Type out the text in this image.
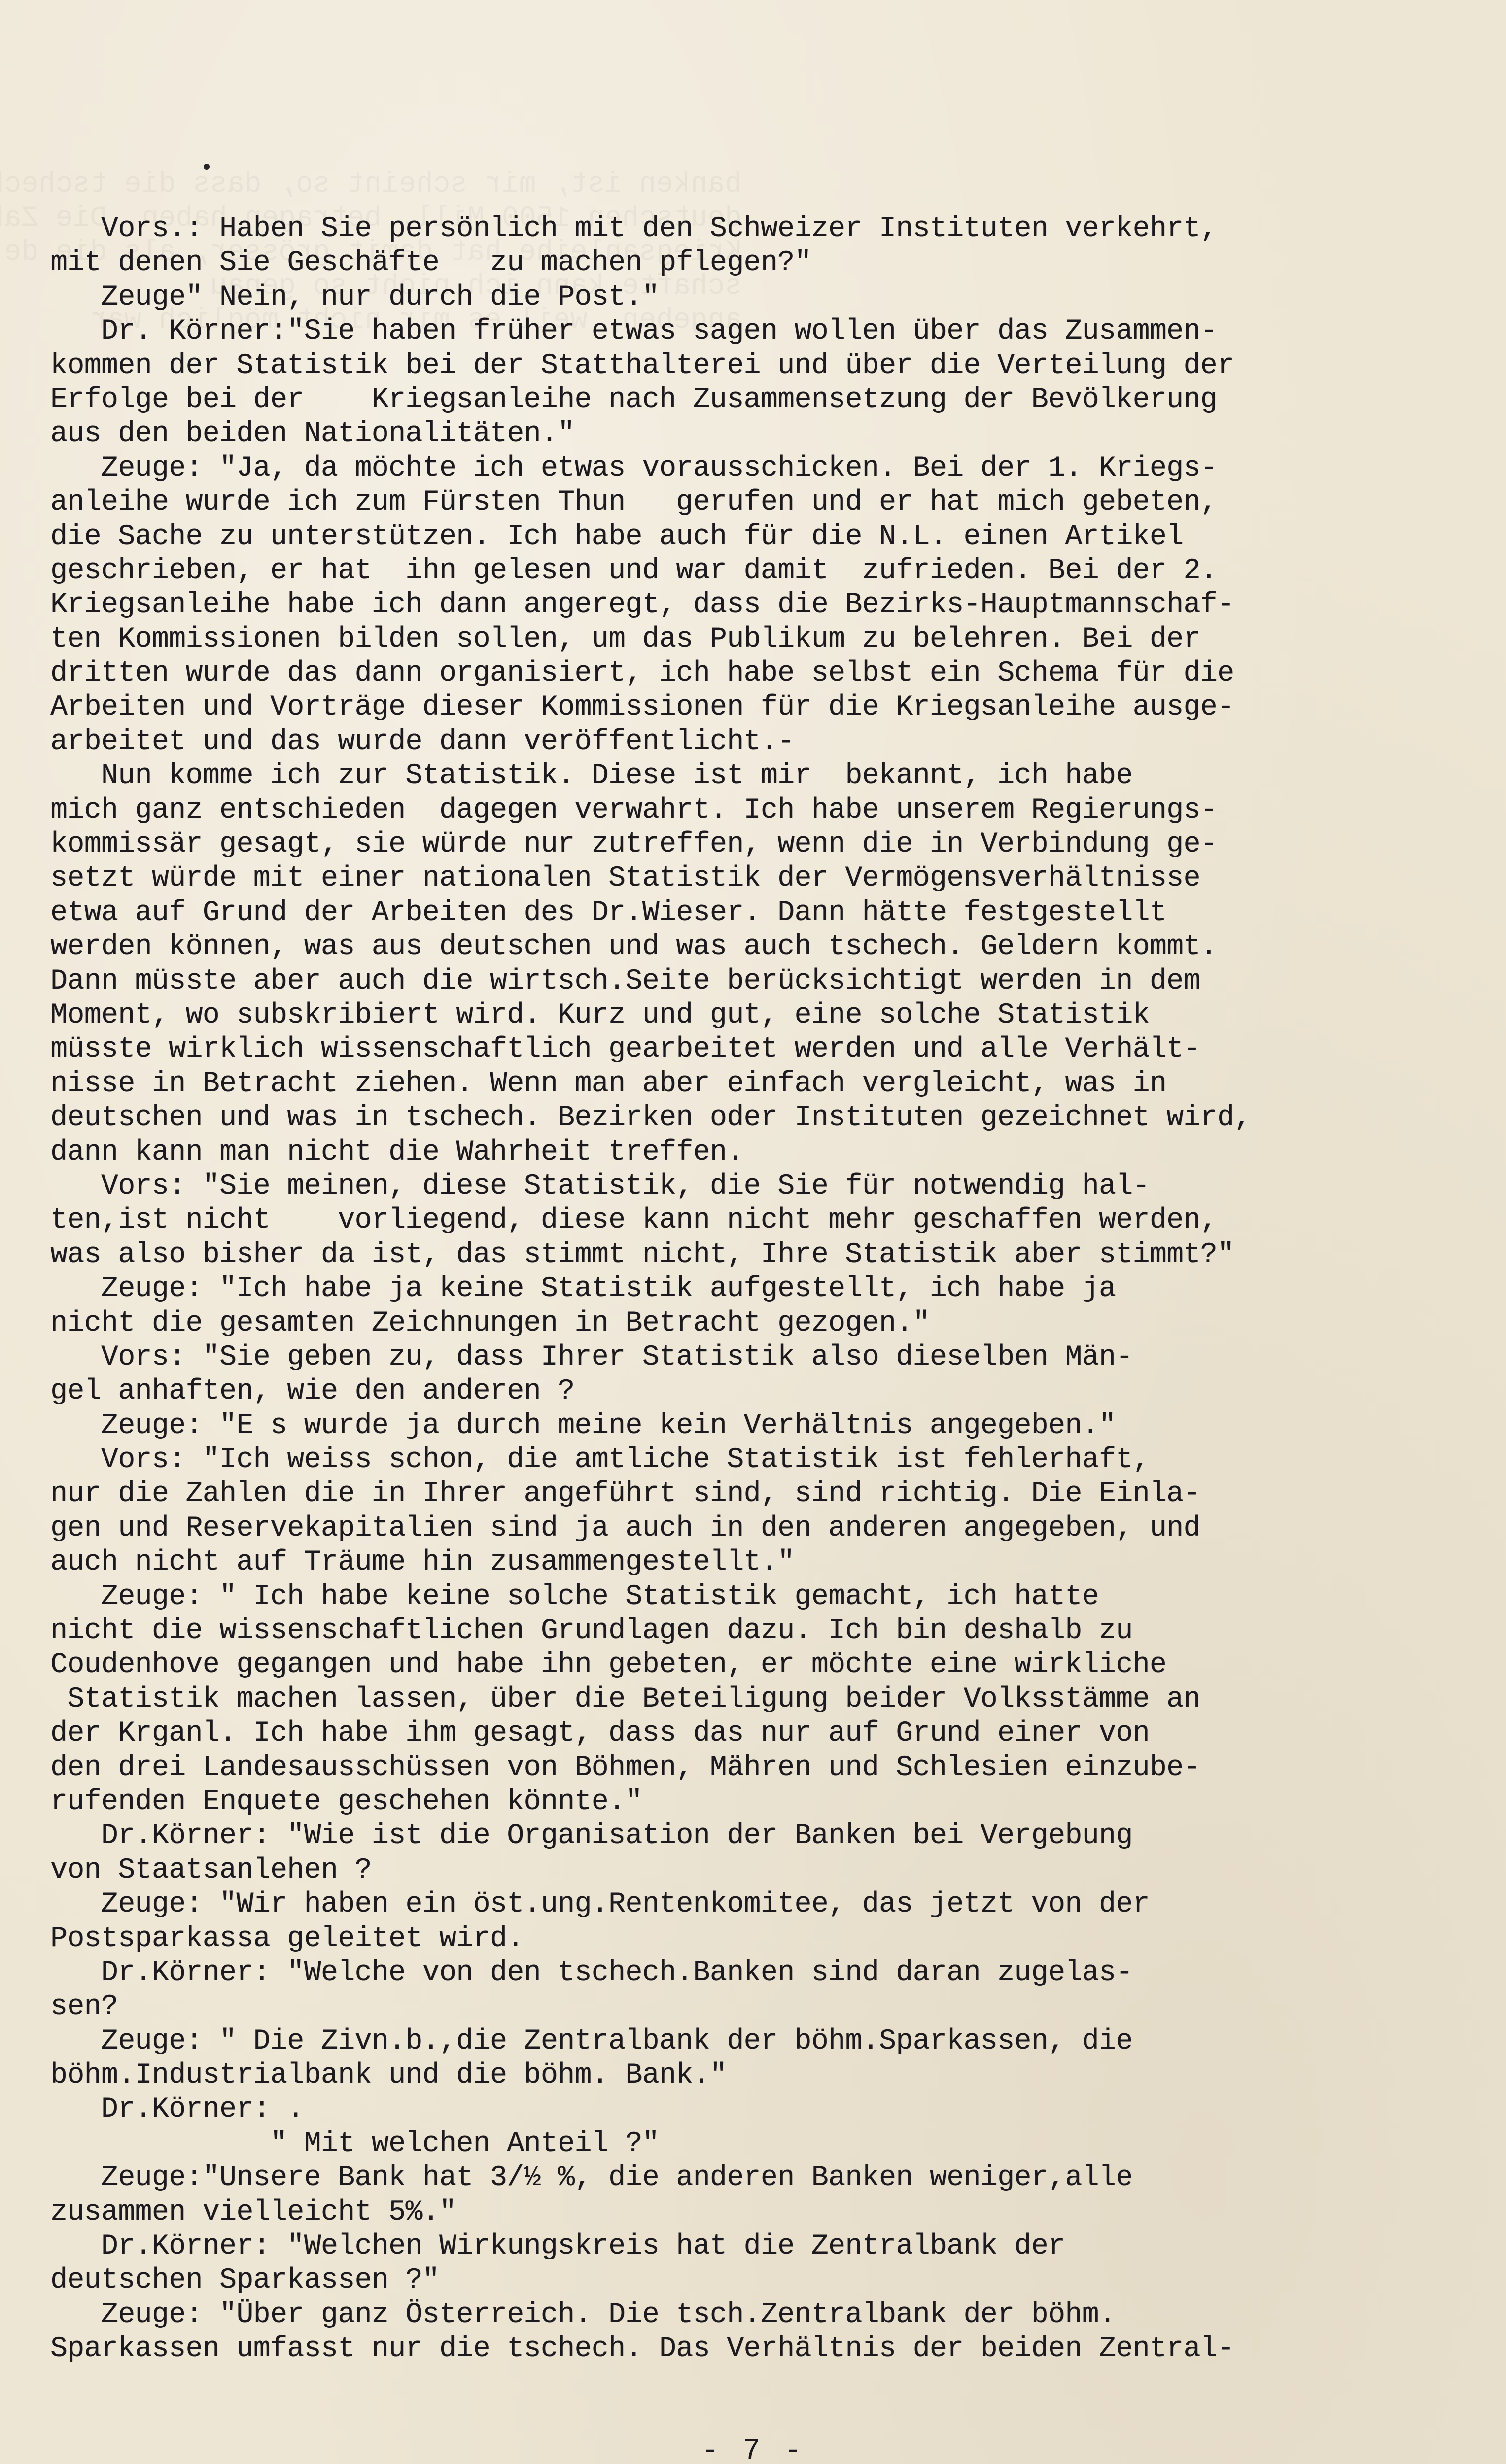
Vors.: Haben Sie persönlich mit den Schweizer Instituten verkehrt,
mit denen Sie Geschäfte   zu machen pflegen?"
Zeuge" Nein, nur durch die Post."
Dr. Körner:"Sie haben früher etwas sagen wollen über das Zusammen-
kommen der Statistik bei der Statthalterei und über die Verteilung der
Erfolge bei der    Kriegsanleihe nach Zusammensetzung der Bevölkerung
aus den beiden Nationalitäten."
Zeuge: "Ja, da möchte ich etwas vorausschicken. Bei der 1. Kriegs-
anleihe wurde ich zum Fürsten Thun   gerufen und er hat mich gebeten,
die Sache zu unterstützen. Ich habe auch für die N.L. einen Artikel
geschrieben, er hat  ihn gelesen und war damit  zufrieden. Bei der 2.
Kriegsanleihe habe ich dann angeregt, dass die Bezirks-Hauptmannschaf-
ten Kommissionen bilden sollen, um das Publikum zu belehren. Bei der
dritten wurde das dann organisiert, ich habe selbst ein Schema für die
Arbeiten und Vorträge dieser Kommissionen für die Kriegsanleihe ausge-
arbeitet und das wurde dann veröffentlicht.-
Nun komme ich zur Statistik. Diese ist mir  bekannt, ich habe
mich ganz entschieden  dagegen verwahrt. Ich habe unserem Regierungs-
kommissär gesagt, sie würde nur zutreffen, wenn die in Verbindung ge-
setzt würde mit einer nationalen Statistik der Vermögensverhältnisse
etwa auf Grund der Arbeiten des Dr.Wieser. Dann hätte festgestellt
werden können, was aus deutschen und was auch tschech. Geldern kommt.
Dann müsste aber auch die wirtsch.Seite berücksichtigt werden in dem
Moment, wo subskribiert wird. Kurz und gut, eine solche Statistik
müsste wirklich wissenschaftlich gearbeitet werden und alle Verhält-
nisse in Betracht ziehen. Wenn man aber einfach vergleicht, was in
deutschen und was in tschech. Bezirken oder Instituten gezeichnet wird,
dann kann man nicht die Wahrheit treffen.
Vors: "Sie meinen, diese Statistik, die Sie für notwendig hal-
ten,ist nicht    vorliegend, diese kann nicht mehr geschaffen werden,
was also bisher da ist, das stimmt nicht, Ihre Statistik aber stimmt?"
Zeuge: "Ich habe ja keine Statistik aufgestellt, ich habe ja
nicht die gesamten Zeichnungen in Betracht gezogen."
Vors: "Sie geben zu, dass Ihrer Statistik also dieselben Män-
gel anhaften, wie den anderen ?
Zeuge: "E s wurde ja durch meine kein Verhältnis angegeben."
Vors: "Ich weiss schon, die amtliche Statistik ist fehlerhaft,
nur die Zahlen die in Ihrer angeführt sind, sind richtig. Die Einla-
gen und Reservekapitalien sind ja auch in den anderen angegeben, und
auch nicht auf Träume hin zusammengestellt."
Zeuge: " Ich habe keine solche Statistik gemacht, ich hatte
nicht die wissenschaftlichen Grundlagen dazu. Ich bin deshalb zu
Coudenhove gegangen und habe ihn gebeten, er möchte eine wirkliche
Statistik machen lassen, über die Beteiligung beider Volksstämme an
der Krganl. Ich habe ihm gesagt, dass das nur auf Grund einer von
den drei Landesausschüssen von Böhmen, Mähren und Schlesien einzube-
rufenden Enquete geschehen könnte."
Dr.Körner: "Wie ist die Organisation der Banken bei Vergebung
von Staatsanlehen ?
Zeuge: "Wir haben ein öst.ung.Rentenkomitee, das jetzt von der
Postsparkassa geleitet wird.
Dr.Körner: "Welche von den tschech.Banken sind daran zugelas-
sen?
Zeuge: " Die Zivn.b.,die Zentralbank der böhm.Sparkassen, die
böhm.Industrialbank und die böhm. Bank."
Dr.Körner: .
" Mit welchen Anteil ?"
Zeuge:"Unsere Bank hat 3/½ %, die anderen Banken weniger,alle
zusammen vielleicht 5%."
Dr.Körner: "Welchen Wirkungskreis hat die Zentralbank der
deutschen Sparkassen ?"
Zeuge: "Über ganz Österreich. Die tsch.Zentralbank der böhm.
Sparkassen umfasst nur die tschech. Das Verhältnis der beiden Zentral-
- 7 -
